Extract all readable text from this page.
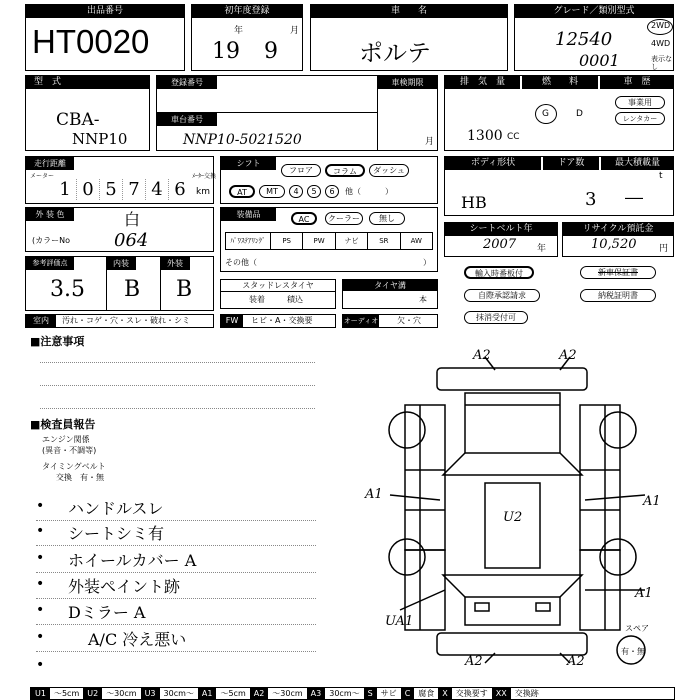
出品番号
HT0020
初年度登録
年	月
19 9
車　　名
ポルテ
グレード／類別型式
12540
0001
2WD
4WD
表示なし
型　式
CBA-
NNP10
登録番号	車検期限
車台番号
NNP10-5021520	月
排　気　量	燃　　料	車　歴
1300 CC
G	D
事業用
レンタカー
走行距離
メーター	ﾒｰﾀｰ交換
1 0 5 7 4 6	km
シフト
フロア	コラム	ダッシュ
AT	MT	4	5	6	他（　　　）
ボディ形状	ドア数	最大積載量
HB	3
t
―
外 装 色	白
(カラーNo 064
装備品
AC	クーラー	無し
ﾊﾟﾜｽﾃｱﾘﾝｸﾞ	PS	PW	ナビ	SR	AW
その他（	）
シートベルト年
2007 年
リサイクル預託金
10,520	円
参考評価点	内装	外装
3.5 B B	スタッドレスタイヤ
装着	積込
タイヤ溝
本
輸入時番板付	新車保証書
自際承認請求	納税証明書
抹消受付可
室内	汚れ・コゲ・穴・スレ・破れ・シミ	FW	ヒビ・A・交換要	オーディオ 欠・穴
■注意事項
■検査員報告
エンジン関係
(異音・不調等)
タイミングベルト
交換　有・無
• ハンドルスレ
• シートシミ有
• ホイールカバー A
• 外装ペイント跡
• Dミラー A
•	A/C 冷え悪い
•
A2	A2
A1	A1
U2
A1
UA1
A2	A2
スペア
有・無
U1	～5cm	U2	～30cm	U3	30cm～	A1	～5cm	A2	～30cm	A3	30cm～	S	サビ	C	腐食	X	交換要す	XX	交換跡
